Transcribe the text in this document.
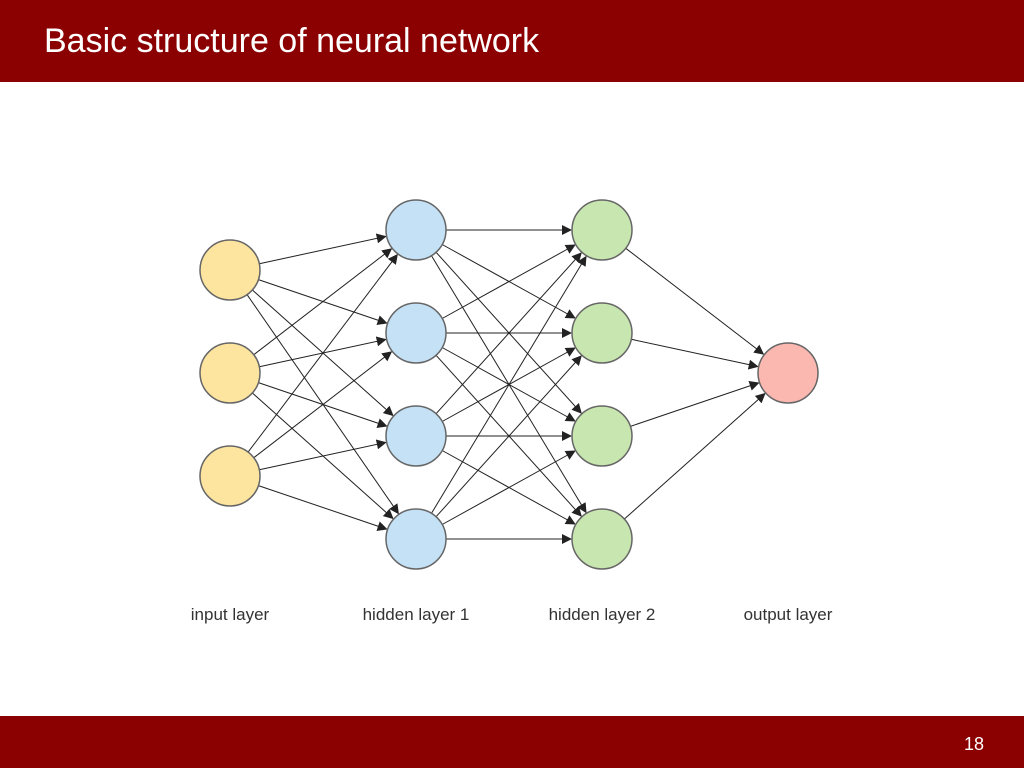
Basic structure of neural network
input layer	hidden layer 1	hidden layer 2	output layer
18
